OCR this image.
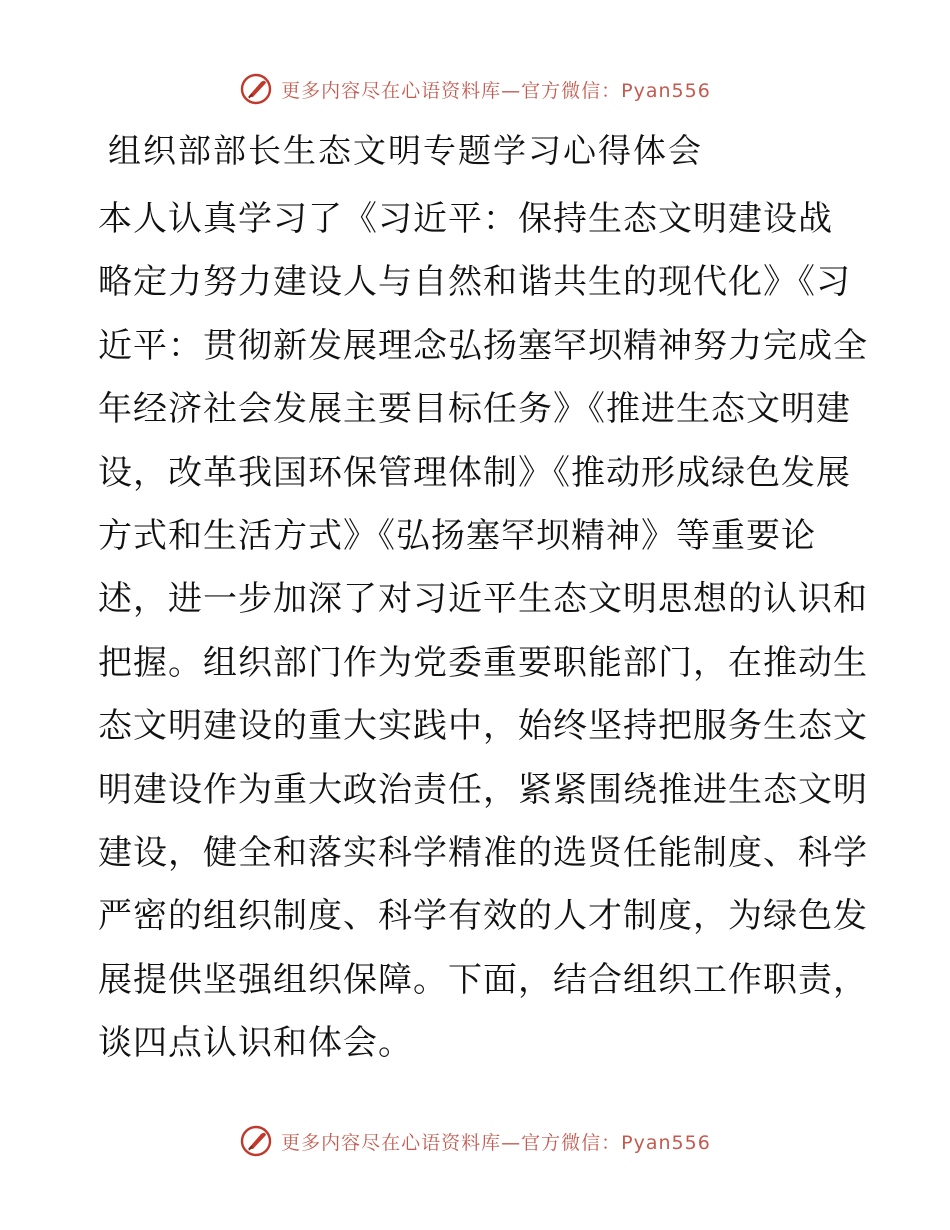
更多内容尽在心语资料库—官方微信：Pyan556
组织部部长生态文明专题学习心得体会
本人认真学习了《习近平：保持生态文明建设战
略定力努力建设人与自然和谐共生的现代化》《习
近平：贯彻新发展理念弘扬塞罕坝精神努力完成全
年经济社会发展主要目标任务》《推进生态文明建
设，改革我国环保管理体制》《推动形成绿色发展
方式和生活方式》《弘扬塞罕坝精神》等重要论
述，进一步加深了对习近平生态文明思想的认识和
把握。组织部门作为党委重要职能部门，在推动生
态文明建设的重大实践中，始终坚持把服务生态文
明建设作为重大政治责任，紧紧围绕推进生态文明
建设，健全和落实科学精准的选贤任能制度、科学
严密的组织制度、科学有效的人才制度，为绿色发
展提供坚强组织保障。下面，结合组织工作职责，
谈四点认识和体会。
更多内容尽在心语资料库—官方微信：Pyan556
